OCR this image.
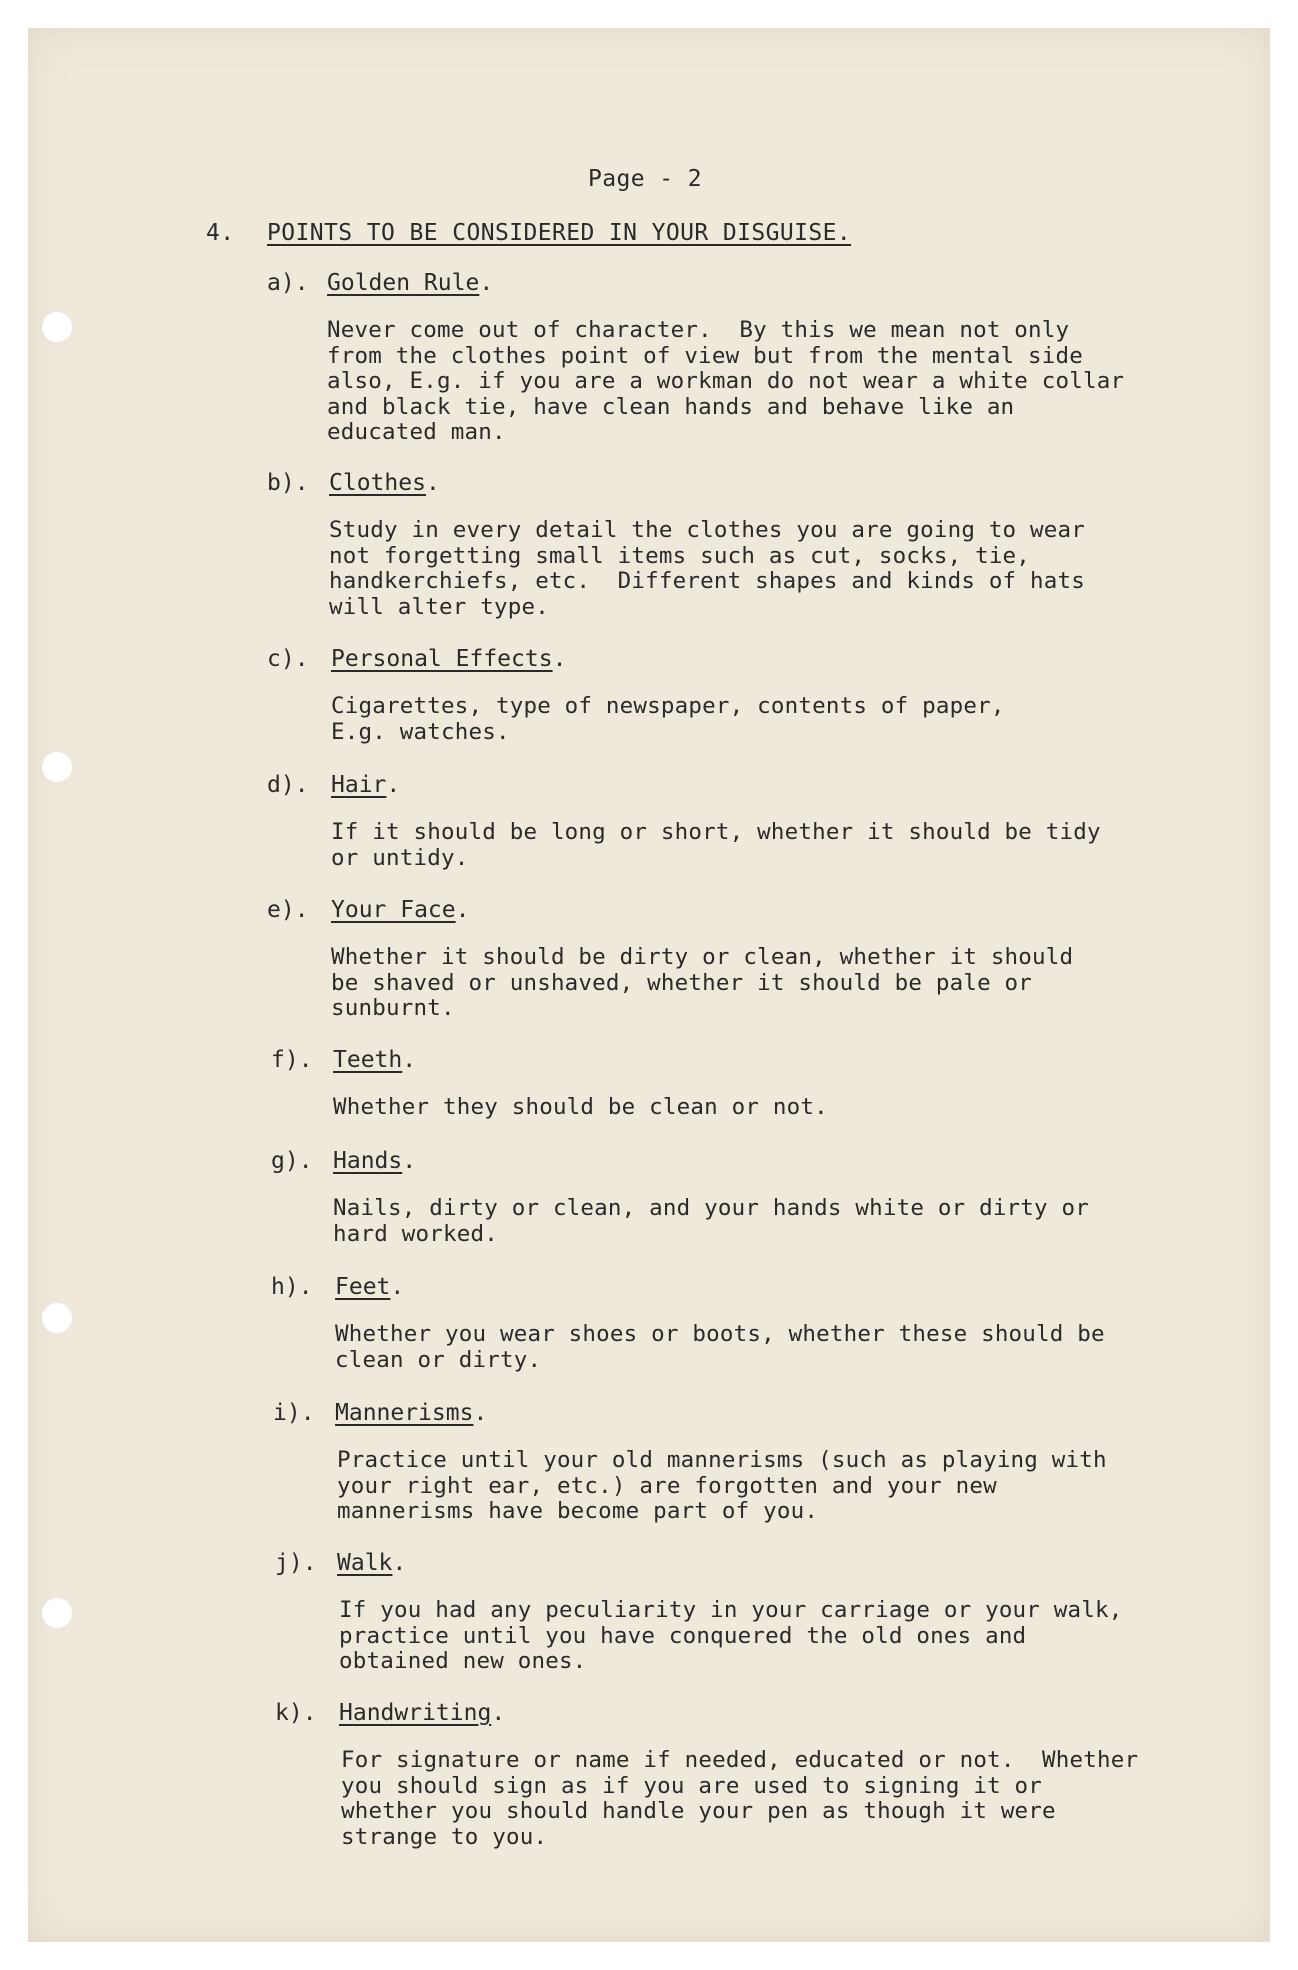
Page - 2
4. POINTS TO BE CONSIDERED IN YOUR DISGUISE.
a). Golden Rule.
Never come out of character.  By this we mean not only
from the clothes point of view but from the mental side
also, E.g. if you are a workman do not wear a white collar
and black tie, have clean hands and behave like an
educated man.
b). Clothes.
Study in every detail the clothes you are going to wear
not forgetting small items such as cut, socks, tie,
handkerchiefs, etc.  Different shapes and kinds of hats
will alter type.
c). Personal Effects.
Cigarettes, type of newspaper, contents of paper,
E.g. watches.
d). Hair.
If it should be long or short, whether it should be tidy
or untidy.
e). Your Face.
Whether it should be dirty or clean, whether it should
be shaved or unshaved, whether it should be pale or
sunburnt.
f). Teeth.
Whether they should be clean or not.
g). Hands.
Nails, dirty or clean, and your hands white or dirty or
hard worked.
h). Feet.
Whether you wear shoes or boots, whether these should be
clean or dirty.
i). Mannerisms.
Practice until your old mannerisms (such as playing with
your right ear, etc.) are forgotten and your new
mannerisms have become part of you.
j). Walk.
If you had any peculiarity in your carriage or your walk,
practice until you have conquered the old ones and
obtained new ones.
k). Handwriting.
For signature or name if needed, educated or not.  Whether
you should sign as if you are used to signing it or
whether you should handle your pen as though it were
strange to you.
